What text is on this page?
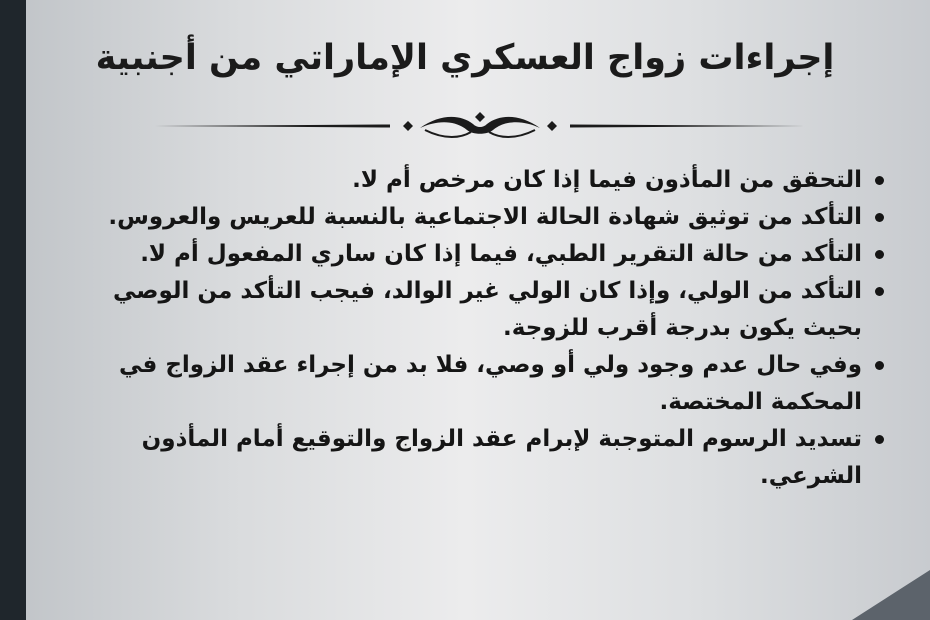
إجراءات زواج العسكري الإماراتي من أجنبية
التحقق من المأذون فيما إذا كان مرخص أم لا.
التأكد من توثيق شهادة الحالة الاجتماعية بالنسبة للعريس والعروس.
التأكد من حالة التقرير الطبي، فيما إذا كان ساري المفعول أم لا.
التأكد من الولي، وإذا كان الولي غير الوالد، فيجب التأكد من الوصي بحيث يكون بدرجة أقرب للزوجة.
وفي حال عدم وجود ولي أو وصي، فلا بد من إجراء عقد الزواج في المحكمة المختصة.
تسديد الرسوم المتوجبة لإبرام عقد الزواج والتوقيع أمام المأذون الشرعي.
